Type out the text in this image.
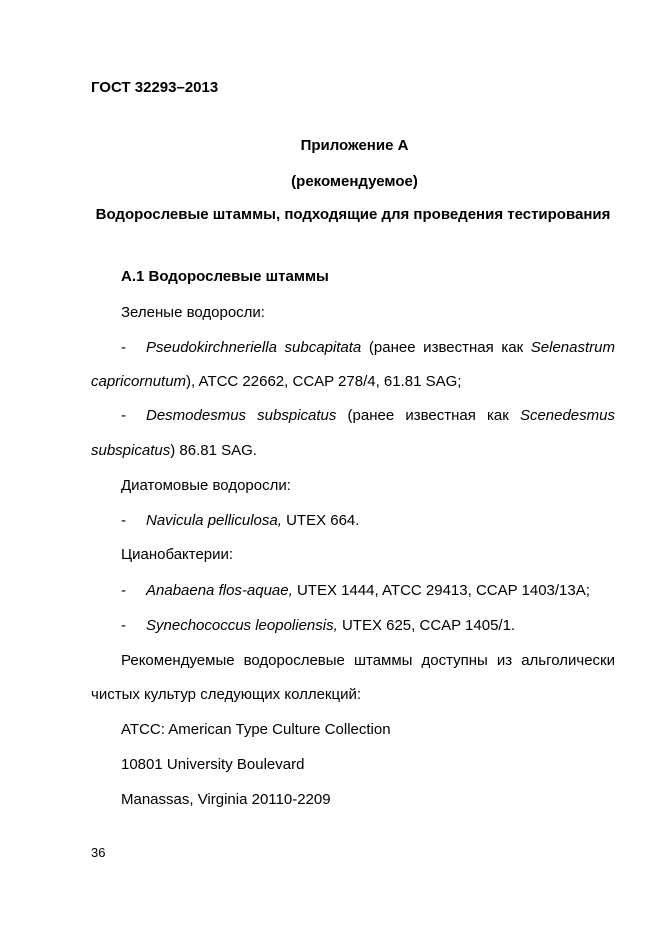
ГОСТ 32293–2013
Приложение А
(рекомендуемое)
Водорослевые штаммы, подходящие для проведения тестирования
А.1 Водорослевые штаммы
Зеленые водоросли:
- Pseudokirchneriella subcapitata (ранее известная как Selenastrum
capricornutum), ATCC 22662, CCAP 278/4, 61.81 SAG;
- Desmodesmus subspicatus (ранее известная как Scenedesmus
subspicatus) 86.81 SAG.
Диатомовые водоросли:
- Navicula pelliculosa, UTEX 664.
Цианобактерии:
- Anabaena flos-aquae, UTEX 1444, ATCC 29413, CCAP 1403/13A;
- Synechococcus leopoliensis, UTEX 625, CCAP 1405/1.
Рекомендуемые водорослевые штаммы доступны из альголически
чистых культур следующих коллекций:
ATCC: American Type Culture Collection
10801 University Boulevard
Manassas, Virginia 20110-2209
36
